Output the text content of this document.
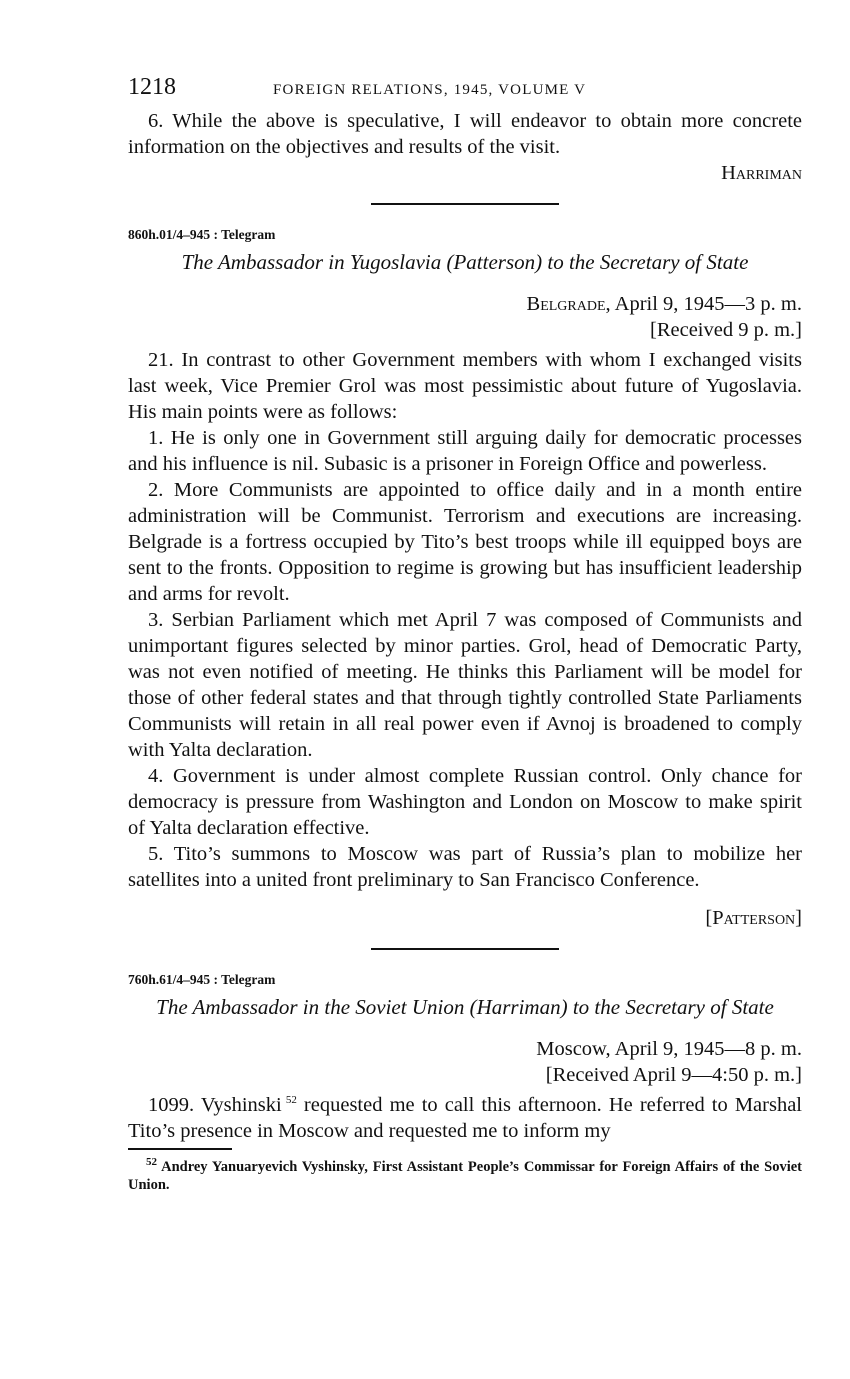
1218	FOREIGN RELATIONS, 1945, VOLUME V

6. While the above is speculative, I will endeavor to obtain more concrete information on the objectives and results of the visit.

Harriman

860h.01/4–945 : Telegram
The Ambassador in Yugoslavia (Patterson) to the Secretary of State
Belgrade, April 9, 1945—3 p. m.
[Received 9 p. m.]

21. In contrast to other Government members with whom I exchanged visits last week, Vice Premier Grol was most pessimistic about future of Yugoslavia. His main points were as follows:

1. He is only one in Government still arguing daily for democratic processes and his influence is nil. Subasic is a prisoner in Foreign Office and powerless.

2. More Communists are appointed to office daily and in a month entire administration will be Communist. Terrorism and executions are increasing. Belgrade is a fortress occupied by Tito’s best troops while ill equipped boys are sent to the fronts. Opposition to regime is growing but has insufficient leadership and arms for revolt.

3. Serbian Parliament which met April 7 was composed of Communists and unimportant figures selected by minor parties. Grol, head of Democratic Party, was not even notified of meeting. He thinks this Parliament will be model for those of other federal states and that through tightly controlled State Parliaments Communists will retain in all real power even if Avnoj is broadened to comply with Yalta declaration.

4. Government is under almost complete Russian control. Only chance for democracy is pressure from Washington and London on Moscow to make spirit of Yalta declaration effective.

5. Tito’s summons to Moscow was part of Russia’s plan to mobilize her satellites into a united front preliminary to San Francisco Conference.

[Patterson]

760h.61/4–945 : Telegram
The Ambassador in the Soviet Union (Harriman) to the Secretary of State
Moscow, April 9, 1945—8 p. m.
[Received April 9—4:50 p. m.]

1099. Vyshinski  $^{52}$ requested me to call this afternoon. He referred to Marshal Tito’s presence in Moscow and requested me to inform my

$^{52}$ Andrey Yanuaryevich Vyshinsky, First Assistant People’s Commissar for Foreign Affairs of the Soviet Union.
